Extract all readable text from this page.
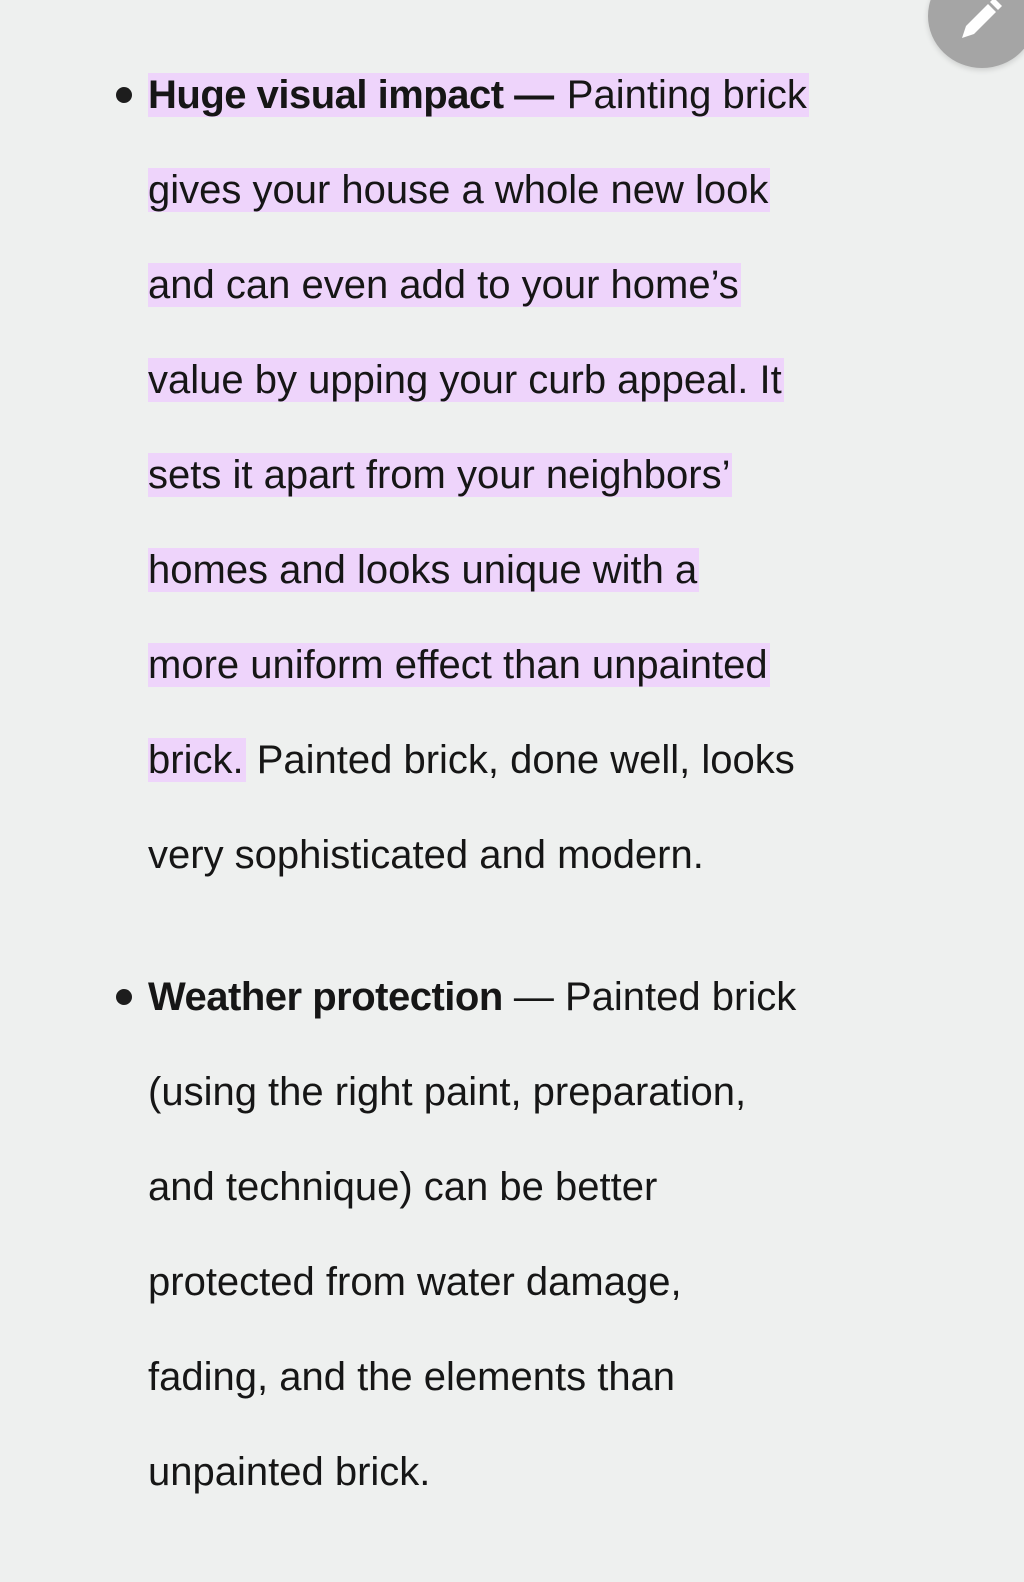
Huge visual impact — Painting brick
gives your house a whole new look
and can even add to your home’s
value by upping your curb appeal. It
sets it apart from your neighbors’
homes and looks unique with a
more uniform effect than unpainted
brick. Painted brick, done well, looks
very sophisticated and modern.
Weather protection — Painted brick
(using the right paint, preparation,
and technique) can be better
protected from water damage,
fading, and the elements than
unpainted brick.
